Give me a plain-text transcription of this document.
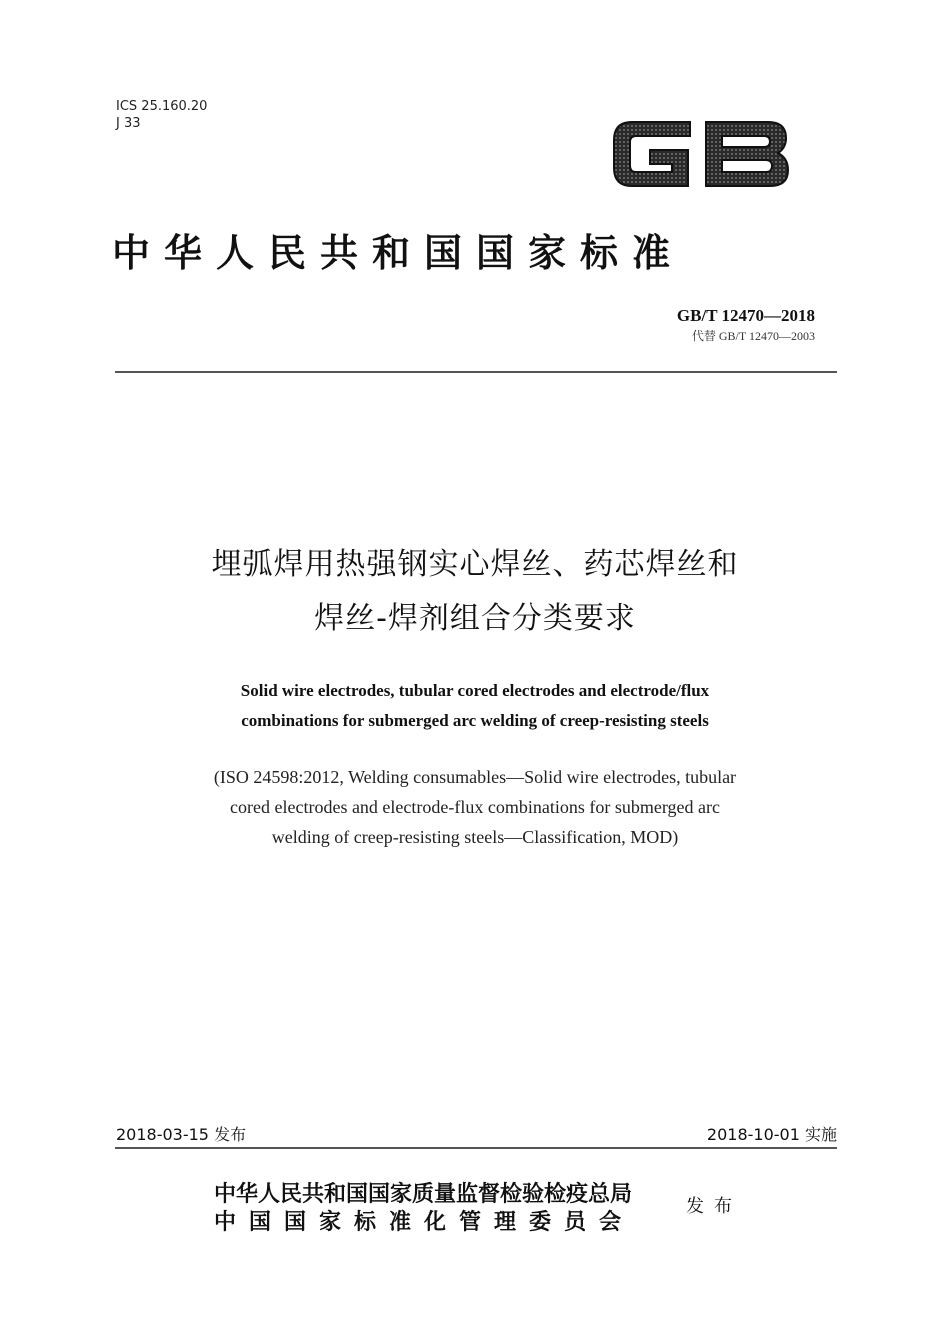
ICS 25.160.20
J 33
GB
中华人民共和国国家标准
GB/T 12470—2018
代替 GB/T 12470—2003
埋弧焊用热强钢实心焊丝、药芯焊丝和
焊丝-焊剂组合分类要求
Solid wire electrodes, tubular cored electrodes and electrode/flux
combinations for submerged arc welding of creep-resisting steels
(ISO 24598:2012, Welding consumables—Solid wire electrodes, tubular
cored electrodes and electrode-flux combinations for submerged arc
welding of creep-resisting steels—Classification, MOD)
2018-03-15 发布	2018-10-01 实施
中华人民共和国国家质量监督检验检疫总局
中国国家标准化管理委员会
发布
